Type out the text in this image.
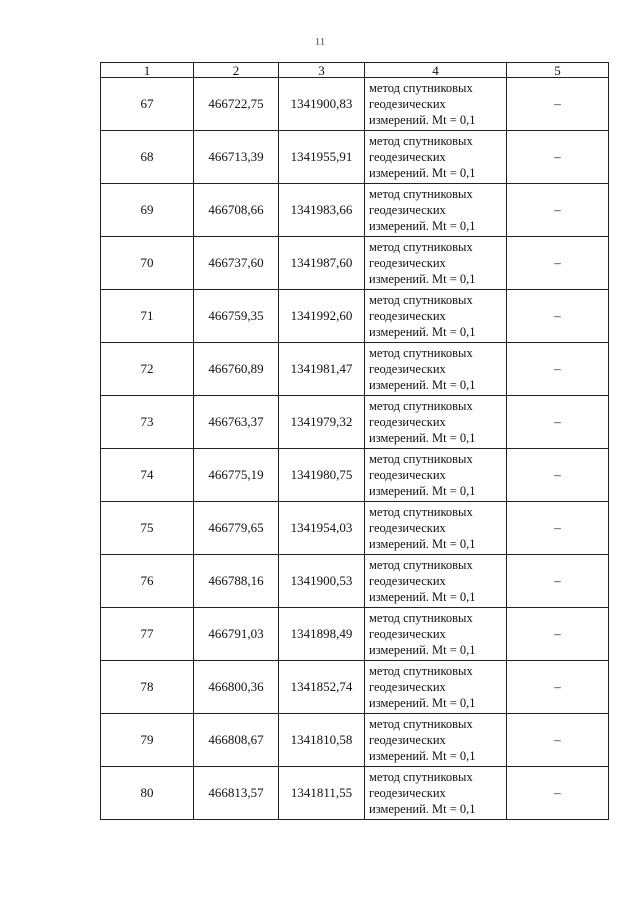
11
1	2	3	4	5
67	466722,75	1341900,83	метод спутниковых геодезических измерений. Mt = 0,1	–
68	466713,39	1341955,91	метод спутниковых геодезических измерений. Mt = 0,1	–
69	466708,66	1341983,66	метод спутниковых геодезических измерений. Mt = 0,1	–
70	466737,60	1341987,60	метод спутниковых геодезических измерений. Mt = 0,1	–
71	466759,35	1341992,60	метод спутниковых геодезических измерений. Mt = 0,1	–
72	466760,89	1341981,47	метод спутниковых геодезических измерений. Mt = 0,1	–
73	466763,37	1341979,32	метод спутниковых геодезических измерений. Mt = 0,1	–
74	466775,19	1341980,75	метод спутниковых геодезических измерений. Mt = 0,1	–
75	466779,65	1341954,03	метод спутниковых геодезических измерений. Mt = 0,1	–
76	466788,16	1341900,53	метод спутниковых геодезических измерений. Mt = 0,1	–
77	466791,03	1341898,49	метод спутниковых геодезических измерений. Mt = 0,1	–
78	466800,36	1341852,74	метод спутниковых геодезических измерений. Mt = 0,1	–
79	466808,67	1341810,58	метод спутниковых геодезических измерений. Mt = 0,1	–
80	466813,57	1341811,55	метод спутниковых геодезических измерений. Mt = 0,1	–
